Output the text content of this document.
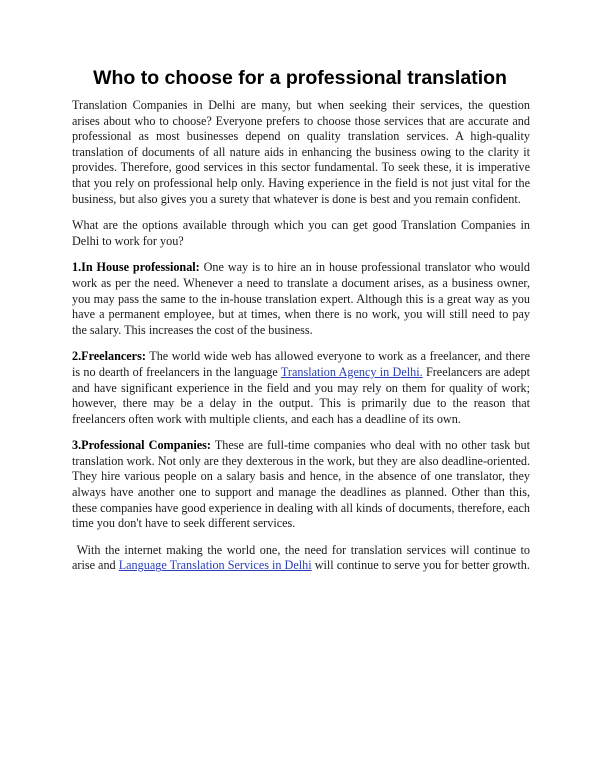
Who to choose for a professional translation

Translation Companies in Delhi are many, but when seeking their services, the question arises about who to choose? Everyone prefers to choose those services that are accurate and professional as most businesses depend on quality translation services. A high-quality translation of documents of all nature aids in enhancing the business owing to the clarity it provides. Therefore, good services in this sector fundamental. To seek these, it is imperative that you rely on professional help only. Having experience in the field is not just vital for the business, but also gives you a surety that whatever is done is best and you remain confident.

What are the options available through which you can get good Translation Companies in Delhi to work for you?

1.In House professional: One way is to hire an in house professional translator who would work as per the need. Whenever a need to translate a document arises, as a business owner, you may pass the same to the in-house translation expert. Although this is a great way as you have a permanent employee, but at times, when there is no work, you will still need to pay the salary. This increases the cost of the business.

2.Freelancers: The world wide web has allowed everyone to work as a freelancer, and there is no dearth of freelancers in the language Translation Agency in Delhi. Freelancers are adept and have significant experience in the field and you may rely on them for quality of work; however, there may be a delay in the output. This is primarily due to the reason that freelancers often work with multiple clients, and each has a deadline of its own.

3.Professional Companies: These are full-time companies who deal with no other task but translation work. Not only are they dexterous in the work, but they are also deadline-oriented. They hire various people on a salary basis and hence, in the absence of one translator, they always have another one to support and manage the deadlines as planned. Other than this, these companies have good experience in dealing with all kinds of documents, therefore, each time you don't have to seek different services.

With the internet making the world one, the need for translation services will continue to arise and Language Translation Services in Delhi will continue to serve you for better growth.
